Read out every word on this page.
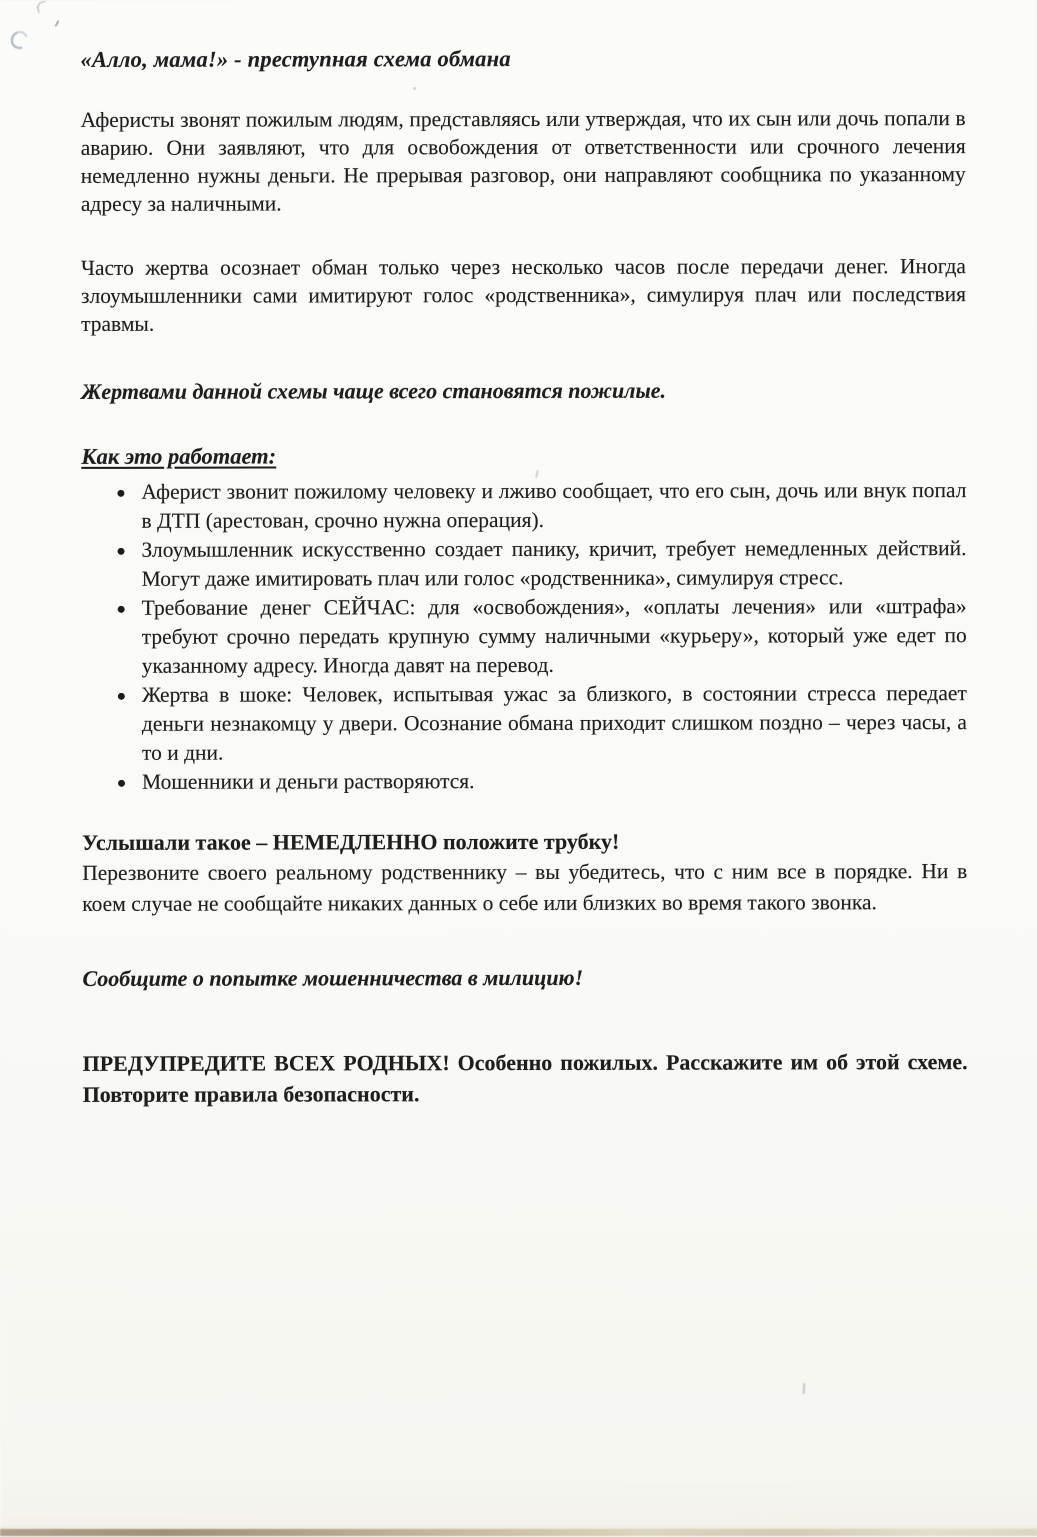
«Алло, мама!» - преступная схема обмана

Аферисты звонят пожилым людям, представляясь или утверждая, что их сын или дочь попали в аварию. Они заявляют, что для освобождения от ответственности или срочного лечения немедленно нужны деньги. Не прерывая разговор, они направляют сообщника по указанному адресу за наличными.

Часто жертва осознает обман только через несколько часов после передачи денег. Иногда злоумышленники сами имитируют голос «родственника», симулируя плач или последствия травмы.

Жертвами данной схемы чаще всего становятся пожилые.

Как это работает:

Аферист звонит пожилому человеку и лживо сообщает, что его сын, дочь или внук попал в ДТП (арестован, срочно нужна операция).
Злоумышленник искусственно создает панику, кричит, требует немедленных действий. Могут даже имитировать плач или голос «родственника», симулируя стресс.
Требование денег СЕЙЧАС: для «освобождения», «оплаты лечения» или «штрафа» требуют срочно передать крупную сумму наличными «курьеру», который уже едет по указанному адресу. Иногда давят на перевод.
Жертва в шоке: Человек, испытывая ужас за близкого, в состоянии стресса передает деньги незнакомцу у двери. Осознание обмана приходит слишком поздно – через часы, а то и дни.
Мошенники и деньги растворяются.

Услышали такое – НЕМЕДЛЕННО положите трубку!

Перезвоните своего реальному родственнику – вы убедитесь, что с ним все в порядке. Ни в коем случае не сообщайте никаких данных о себе или близких во время такого звонка.

Сообщите о попытке мошенничества в милицию!

ПРЕДУПРЕДИТЕ ВСЕХ РОДНЫХ! Особенно пожилых. Расскажите им об этой схеме. Повторите правила безопасности.
